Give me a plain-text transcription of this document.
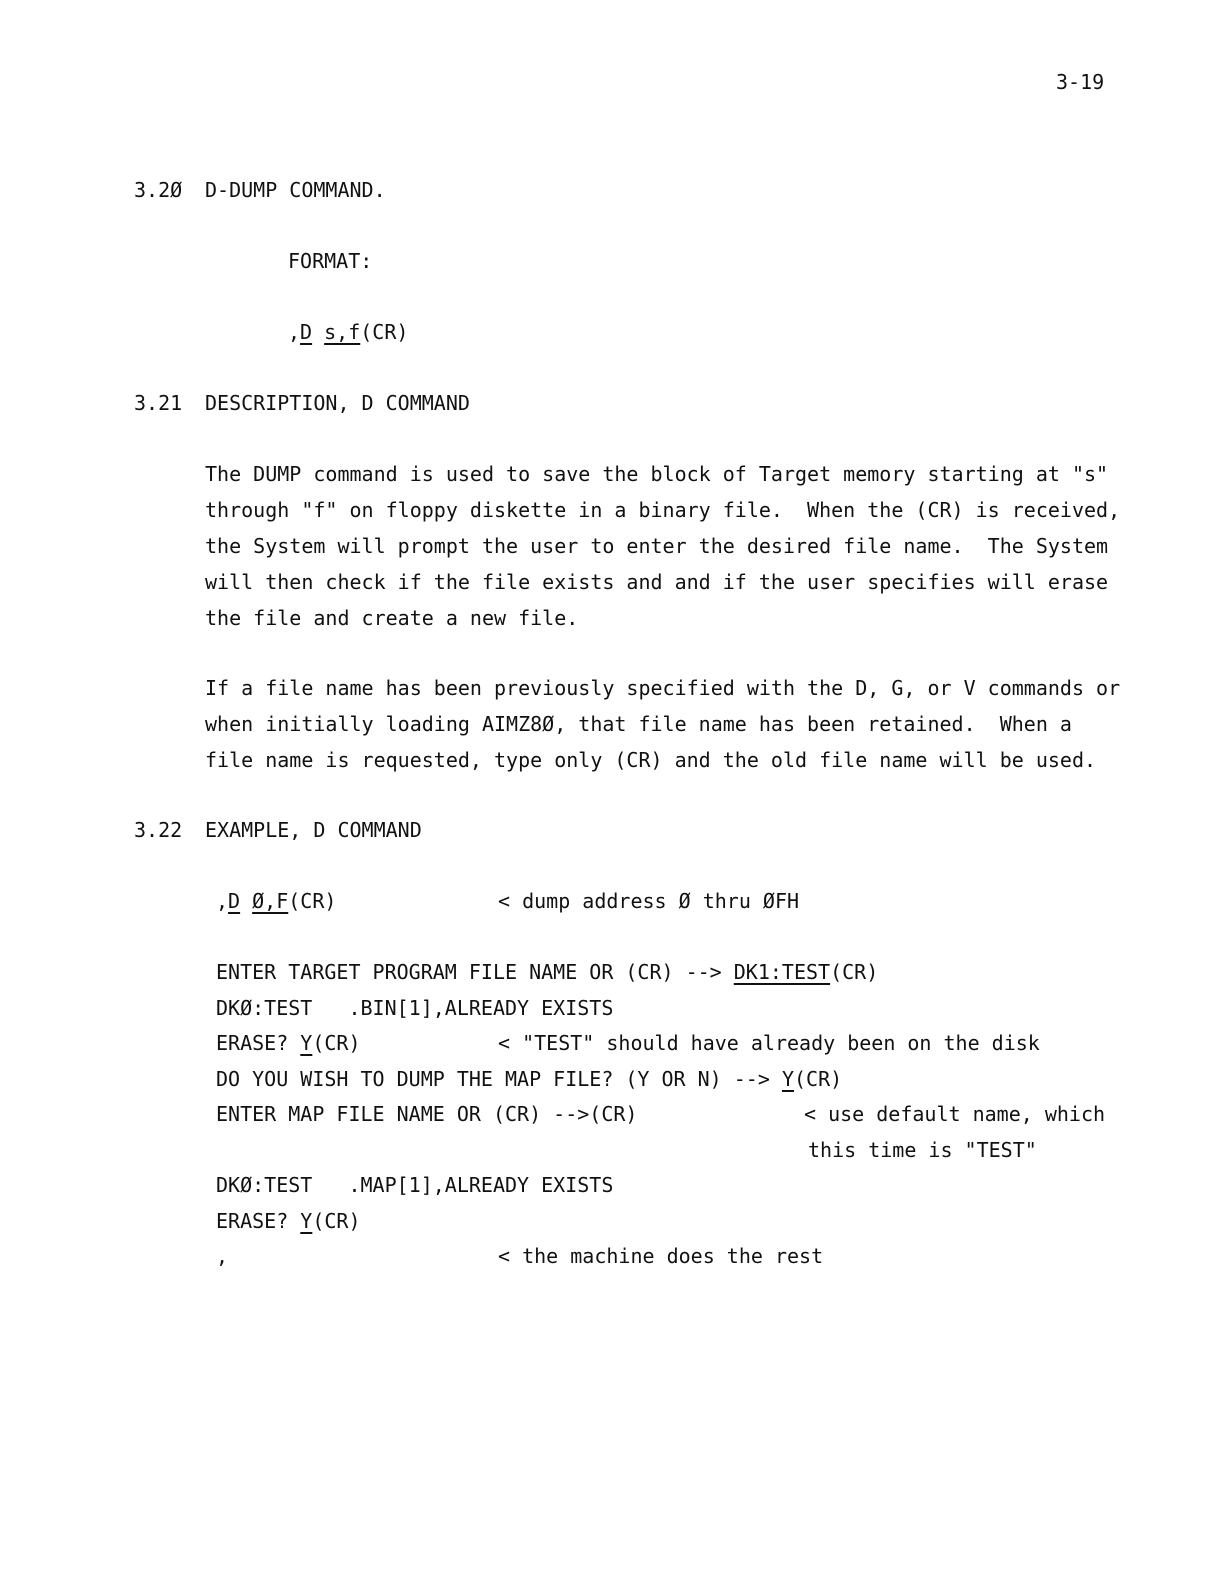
3-19
3.2Ø D-DUMP COMMAND.
FORMAT:
,D s,f(CR)
3.21 DESCRIPTION, D COMMAND
The DUMP command is used to save the block of Target memory starting at "s"
through "f" on floppy diskette in a binary file.  When the (CR) is received,
the System will prompt the user to enter the desired file name.  The System
will then check if the file exists and and if the user specifies will erase
the file and create a new file.
If a file name has been previously specified with the D, G, or V commands or
when initially loading AIMZ8Ø, that file name has been retained.  When a
file name is requested, type only (CR) and the old file name will be used.
3.22 EXAMPLE, D COMMAND
,D Ø,F(CR)	< dump address Ø thru ØFH
ENTER TARGET PROGRAM FILE NAME OR (CR) --> DK1:TEST(CR)
DKØ:TEST   .BIN[1],ALREADY EXISTS
ERASE? Y(CR)	< "TEST" should have already been on the disk
DO YOU WISH TO DUMP THE MAP FILE? (Y OR N) --> Y(CR)
ENTER MAP FILE NAME OR (CR) -->(CR)	< use default name, which
this time is "TEST"
DKØ:TEST   .MAP[1],ALREADY EXISTS
ERASE? Y(CR)
,	< the machine does the rest
